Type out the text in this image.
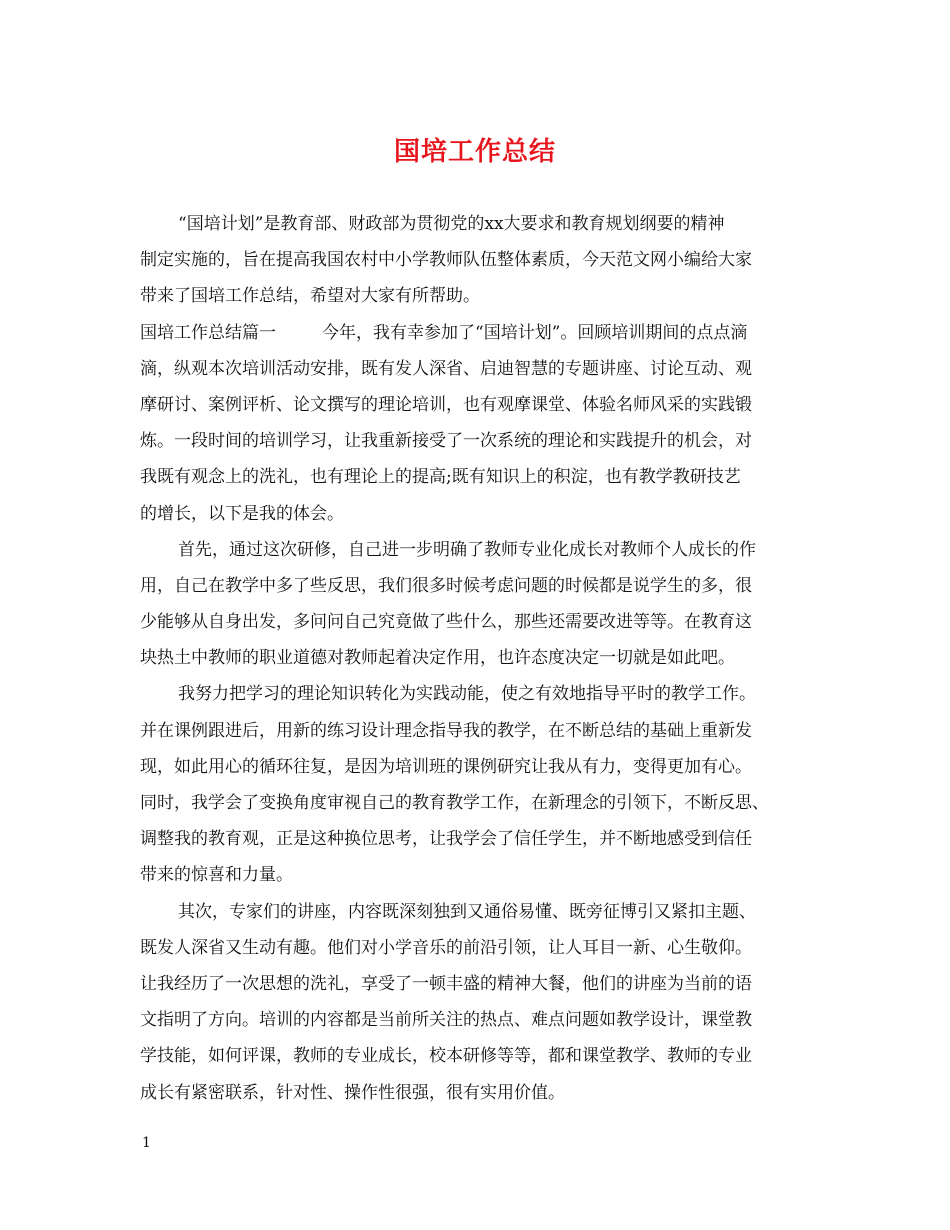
国培工作总结
“国培计划”是教育部、财政部为贯彻党的xx大要求和教育规划纲要的精神
制定实施的，旨在提高我国农村中小学教师队伍整体素质，今天范文网小编给大家
带来了国培工作总结，希望对大家有所帮助。
国培工作总结篇一	今年，我有幸参加了“国培计划”。回顾培训期间的点点滴
滴，纵观本次培训活动安排，既有发人深省、启迪智慧的专题讲座、讨论互动、观
摩研讨、案例评析、论文撰写的理论培训，也有观摩课堂、体验名师风采的实践锻
炼。一段时间的培训学习，让我重新接受了一次系统的理论和实践提升的机会，对
我既有观念上的洗礼，也有理论上的提高;既有知识上的积淀，也有教学教研技艺
的增长，以下是我的体会。
首先，通过这次研修，自己进一步明确了教师专业化成长对教师个人成长的作
用，自己在教学中多了些反思，我们很多时候考虑问题的时候都是说学生的多，很
少能够从自身出发，多问问自己究竟做了些什么，那些还需要改进等等。在教育这
块热土中教师的职业道德对教师起着决定作用，也许态度决定一切就是如此吧。
我努力把学习的理论知识转化为实践动能，使之有效地指导平时的教学工作。
并在课例跟进后，用新的练习设计理念指导我的教学，在不断总结的基础上重新发
现，如此用心的循环往复，是因为培训班的课例研究让我从有力，变得更加有心。
同时，我学会了变换角度审视自己的教育教学工作，在新理念的引领下，不断反思、
调整我的教育观，正是这种换位思考，让我学会了信任学生，并不断地感受到信任
带来的惊喜和力量。
其次，专家们的讲座，内容既深刻独到又通俗易懂、既旁征博引又紧扣主题、
既发人深省又生动有趣。他们对小学音乐的前沿引领，让人耳目一新、心生敬仰。
让我经历了一次思想的洗礼，享受了一顿丰盛的精神大餐，他们的讲座为当前的语
文指明了方向。培训的内容都是当前所关注的热点、难点问题如教学设计，课堂教
学技能，如何评课，教师的专业成长，校本研修等等，都和课堂教学、教师的专业
成长有紧密联系，针对性、操作性很强，很有实用价值。
1
